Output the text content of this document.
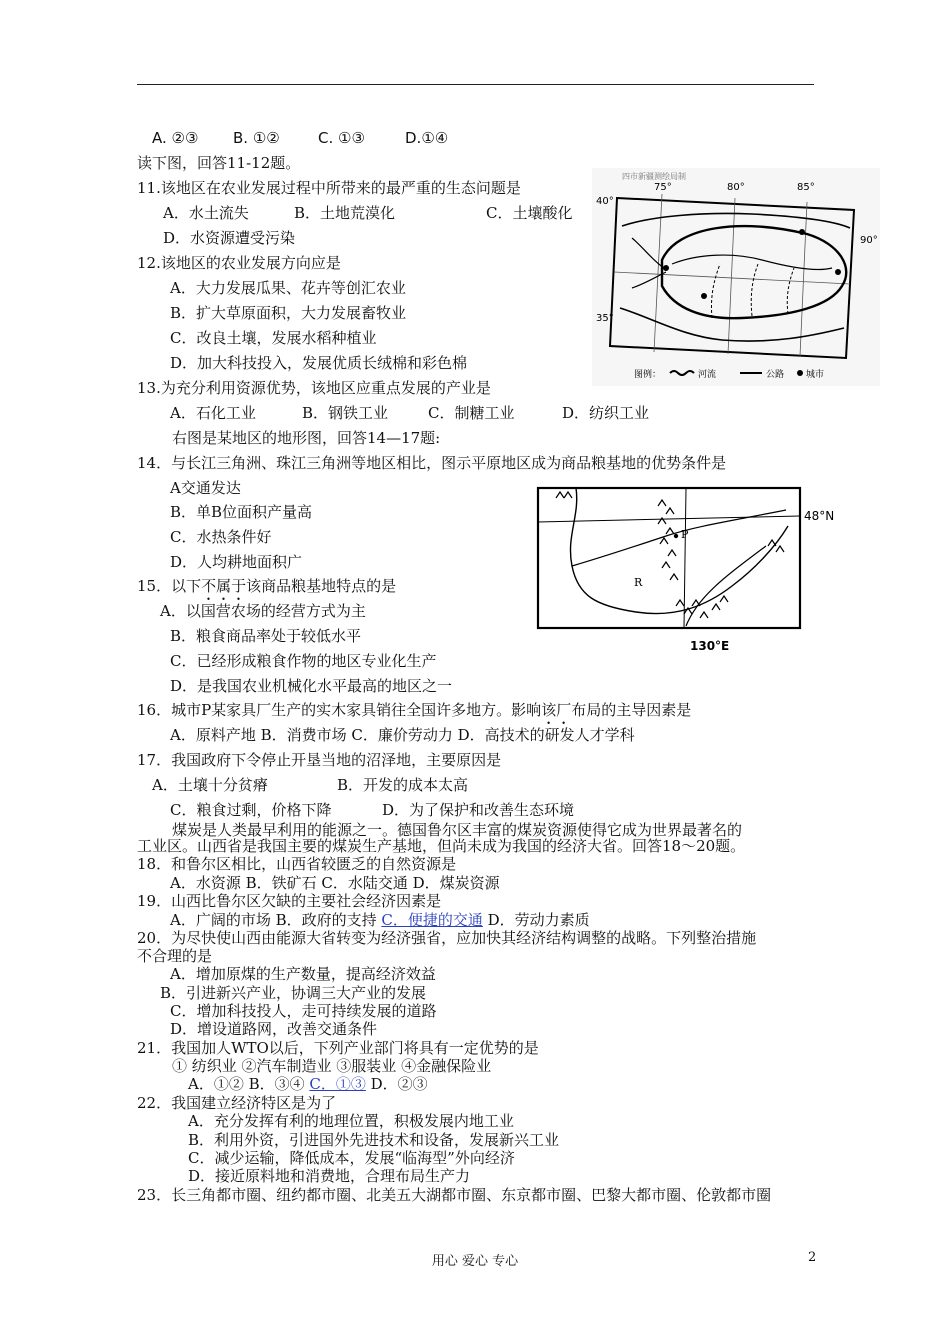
A. ②③ B. ①②	C. ①③	D.①④
读下图，回答11-12题。
11.该地区在农业发展过程中所带来的最严重的生态问题是
A．水土流失	B．土地荒漠化	C．土壤酸化
D．水资源遭受污染
12.该地区的农业发展方向应是
A．大力发展瓜果、花卉等创汇农业
B．扩大草原面积，大力发展畜牧业
C．改良土壤，发展水稻种植业
D．加大科技投入，发展优质长绒棉和彩色棉
13.为充分利用资源优势，该地区应重点发展的产业是
A．石化工业	B．钢铁工业	C．制糖工业	D．纺织工业
右图是某地区的地形图，回答14—17题:
14．与长江三角洲、珠江三角洲等地区相比，图示平原地区成为商品粮基地的优势条件是
A交通发达
B．单B位面积产量高
C．水热条件好
D．人均耕地面积广
15．以下不属于该商品粮基地特点的是
A．以国营农场的经营方式为主
B．粮食商品率处于较低水平
C．已经形成粮食作物的地区专业化生产
D．是我国农业机械化水平最高的地区之一
16．城市P某家具厂生产的实木家具销往全国许多地方。影响该厂布局的主导因素是
A．原料产地 B．消费市场 C．廉价劳动力 D．高技术的研发人才学科
17．我国政府下令停止开垦当地的沼泽地，主要原因是
A．土壤十分贫瘠	B．开发的成本太高
C．粮食过剩，价格下降	D．为了保护和改善生态环境
煤炭是人类最早利用的能源之一。德国鲁尔区丰富的煤炭资源使得它成为世界最著名的
工业区。山西省是我国主要的煤炭生产基地，但尚未成为我国的经济大省。回答18～20题。
18．和鲁尔区相比，山西省较匮乏的自然资源是
A．水资源 B．铁矿石 C．水陆交通 D．煤炭资源
19．山西比鲁尔区欠缺的主要社会经济因素是
A．广阔的市场 B．政府的支持 C．便捷的交通 D．劳动力素质
20．为尽快使山西由能源大省转变为经济强省，应加快其经济结构调整的战略。下列整治措施
不合理的是
A．增加原煤的生产数量，提高经济效益
B．引进新兴产业，协调三大产业的发展
C．增加科技投人，走可持续发展的道路
D．增设道路网，改善交通条件
21．我国加人WTO以后，下列产业部门将具有一定优势的是
① 纺织业 ②汽车制造业 ③服装业 ④金融保险业
A．①② B．③④ C．①③ D．②③
22．我国建立经济特区是为了
A．充分发挥有利的地理位置，积极发展内地工业
B．利用外资，引进国外先进技术和设备，发展新兴工业
C．减少运输，降低成本，发展“临海型”外向经济
D．接近原料地和消费地，合理布局生产力
23．长三角都市圈、纽约都市圈、北美五大湖都市圈、东京都市圈、巴黎大都市圈、伦敦都市圈
四市新疆测绘局制
75°	80°	85°
40°
35°
90°
图例：	河流	公路 城市
48°N
P
R
130°E
用心 爱心 专心	2
